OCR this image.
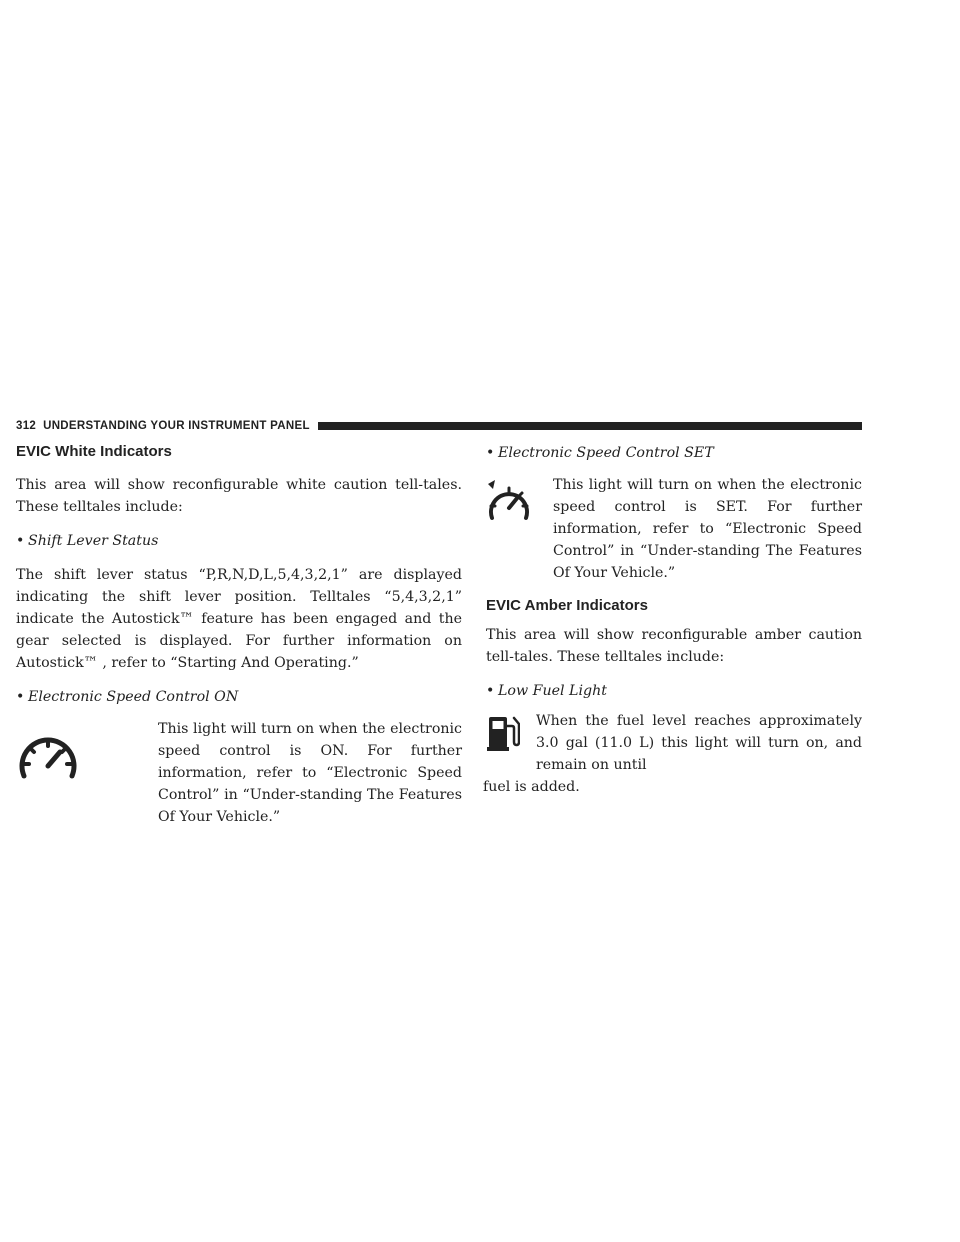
312 UNDERSTANDING YOUR INSTRUMENT PANEL
EVIC White Indicators

This area will show reconfigurable white caution tell-tales. These telltales include:

• Shift Lever Status

The shift lever status “P,R,N,D,L,5,4,3,2,1” are displayed indicating the shift lever position. Telltales “5,4,3,2,1” indicate the Autostick™ feature has been engaged and the gear selected is displayed. For further information on Autostick™ , refer to “Starting And Operating.”

• Electronic Speed Control ON

This light will turn on when the electronic speed control is ON. For further information, refer to “Electronic Speed Control” in “Under-standing The Features Of Your Vehicle.”

• Electronic Speed Control SET

This light will turn on when the electronic speed control is SET. For further information, refer to “Electronic Speed Control” in “Under-standing The Features Of Your Vehicle.”

EVIC Amber Indicators

This area will show reconfigurable amber caution tell-tales. These telltales include:

• Low Fuel Light

When the fuel level reaches approximately 3.0 gal (11.0 L) this light will turn on, and remain on until

fuel is added.
